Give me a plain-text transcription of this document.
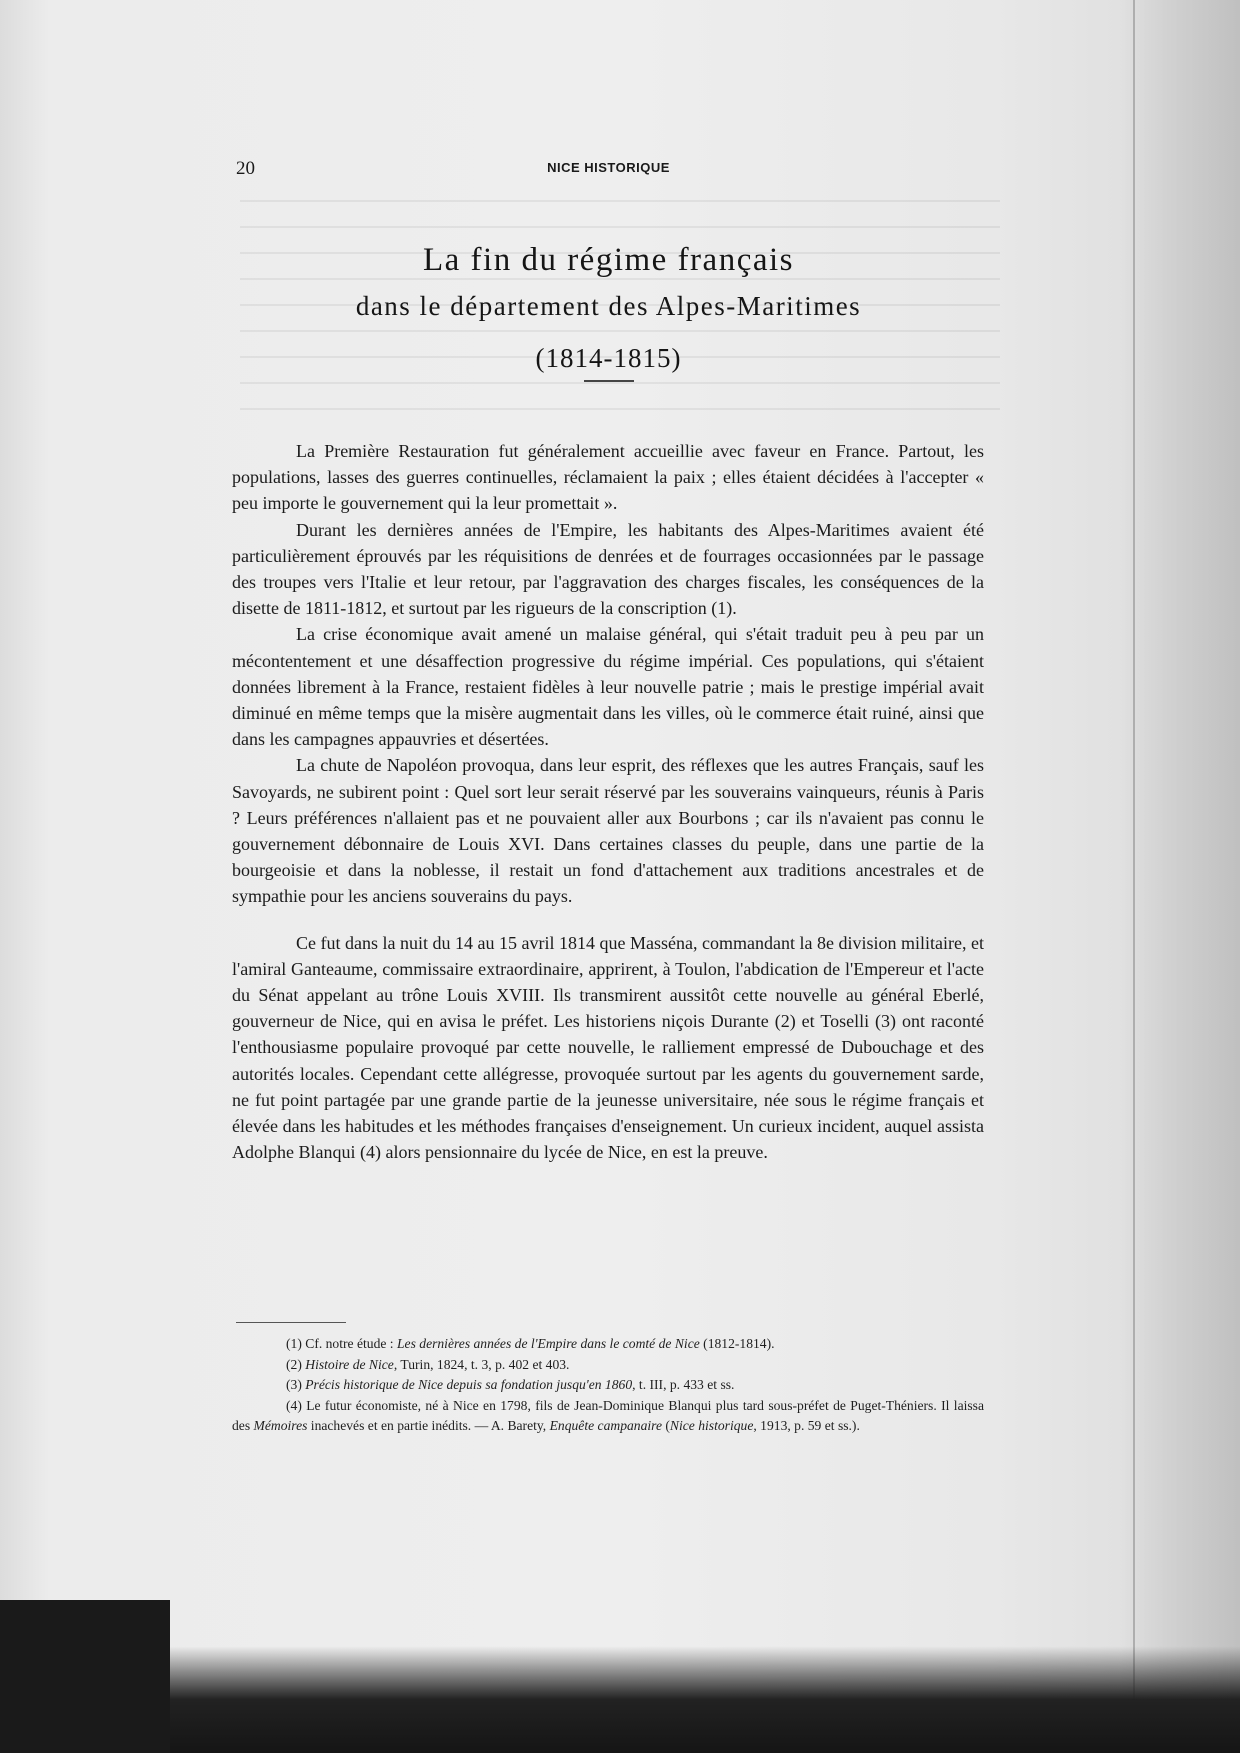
20	NICE HISTORIQUE
La fin du régime français
dans le département des Alpes-Maritimes
(1814-1815)

La Première Restauration fut généralement accueillie avec faveur en France. Partout, les populations, lasses des guerres continuelles, réclamaient la paix ; elles étaient décidées à l'accepter « peu importe le gouvernement qui la leur promettait ».

Durant les dernières années de l'Empire, les habitants des Alpes-Maritimes avaient été particulièrement éprouvés par les réquisitions de denrées et de fourrages occasionnées par le passage des troupes vers l'Italie et leur retour, par l'aggravation des charges fiscales, les conséquences de la disette de 1811-1812, et surtout par les rigueurs de la conscription (1).

La crise économique avait amené un malaise général, qui s'était traduit peu à peu par un mécontentement et une désaffection progressive du régime impérial. Ces populations, qui s'étaient données librement à la France, restaient fidèles à leur nouvelle patrie ; mais le prestige impérial avait diminué en même temps que la misère augmentait dans les villes, où le commerce était ruiné, ainsi que dans les campagnes appauvries et désertées.

La chute de Napoléon provoqua, dans leur esprit, des réflexes que les autres Français, sauf les Savoyards, ne subirent point : Quel sort leur serait réservé par les souverains vainqueurs, réunis à Paris ? Leurs préférences n'allaient pas et ne pouvaient aller aux Bourbons ; car ils n'avaient pas connu le gouvernement débonnaire de Louis XVI. Dans certaines classes du peuple, dans une partie de la bourgeoisie et dans la noblesse, il restait un fond d'attachement aux traditions ancestrales et de sympathie pour les anciens souverains du pays.

Ce fut dans la nuit du 14 au 15 avril 1814 que Masséna, commandant la 8e division militaire, et l'amiral Ganteaume, commissaire extraordinaire, apprirent, à Toulon, l'abdication de l'Empereur et l'acte du Sénat appelant au trône Louis XVIII. Ils transmirent aussitôt cette nouvelle au général Eberlé, gouverneur de Nice, qui en avisa le préfet. Les historiens niçois Durante (2) et Toselli (3) ont raconté l'enthousiasme populaire provoqué par cette nouvelle, le ralliement empressé de Dubouchage et des autorités locales. Cependant cette allégresse, provoquée surtout par les agents du gouvernement sarde, ne fut point partagée par une grande partie de la jeunesse universitaire, née sous le régime français et élevée dans les habitudes et les méthodes françaises d'enseignement. Un curieux incident, auquel assista Adolphe Blanqui (4) alors pensionnaire du lycée de Nice, en est la preuve.

(1) Cf. notre étude : Les dernières années de l'Empire dans le comté de Nice (1812-1814).

(2) Histoire de Nice, Turin, 1824, t. 3, p. 402 et 403.

(3) Précis historique de Nice depuis sa fondation jusqu'en 1860, t. III, p. 433 et ss.

(4) Le futur économiste, né à Nice en 1798, fils de Jean-Dominique Blanqui plus tard sous-préfet de Puget-Théniers. Il laissa des Mémoires inachevés et en partie inédits. — A. Barety, Enquête campanaire (Nice historique, 1913, p. 59 et ss.).
